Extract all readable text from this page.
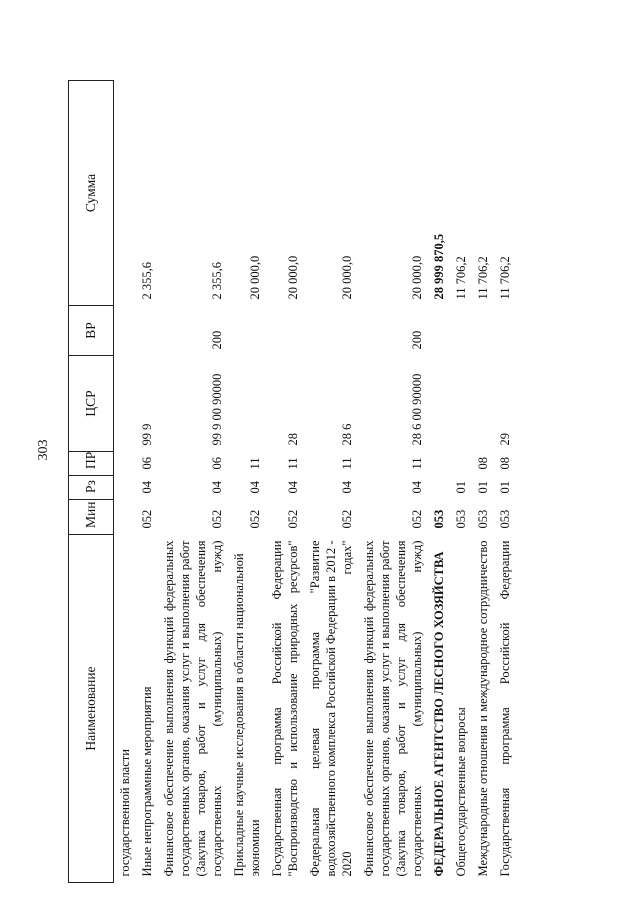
303
Наименование	Мин	Рз	ПР	ЦСР	ВР	Сумма
государственной власти						
Иные непрограммные мероприятия	052	04	06	99 9		2 355,6
Финансовое обеспечение выполнения функций федеральных государственных органов, оказания услуг и выполнения работ (Закупка товаров, работ и услуг для обеспечения государственных (муниципальных) нужд)	052	04	06	99 9 00 90000	200	2 355,6
Прикладные научные исследования в области национальной экономики	052	04	11			20 000,0
Государственная программа Российской Федерации "Воспроизводство и использование природных ресурсов"	052	04	11	28		20 000,0
Федеральная целевая программа "Развитие водохозяйственного комплекса Российской Федерации в 2012 - 2020 годах"	052	04	11	28 6		20 000,0
Финансовое обеспечение выполнения функций федеральных государственных органов, оказания услуг и выполнения работ (Закупка товаров, работ и услуг для обеспечения государственных (муниципальных) нужд)	052	04	11	28 6 00 90000	200	20 000,0
ФЕДЕРАЛЬНОЕ АГЕНТСТВО ЛЕСНОГО ХОЗЯЙСТВА	053					28 999 870,5
Общегосударственные вопросы	053	01				11 706,2
Международные отношения и международное сотрудничество	053	01	08			11 706,2
Государственная программа Российской Федерации	053	01	08	29		11 706,2
